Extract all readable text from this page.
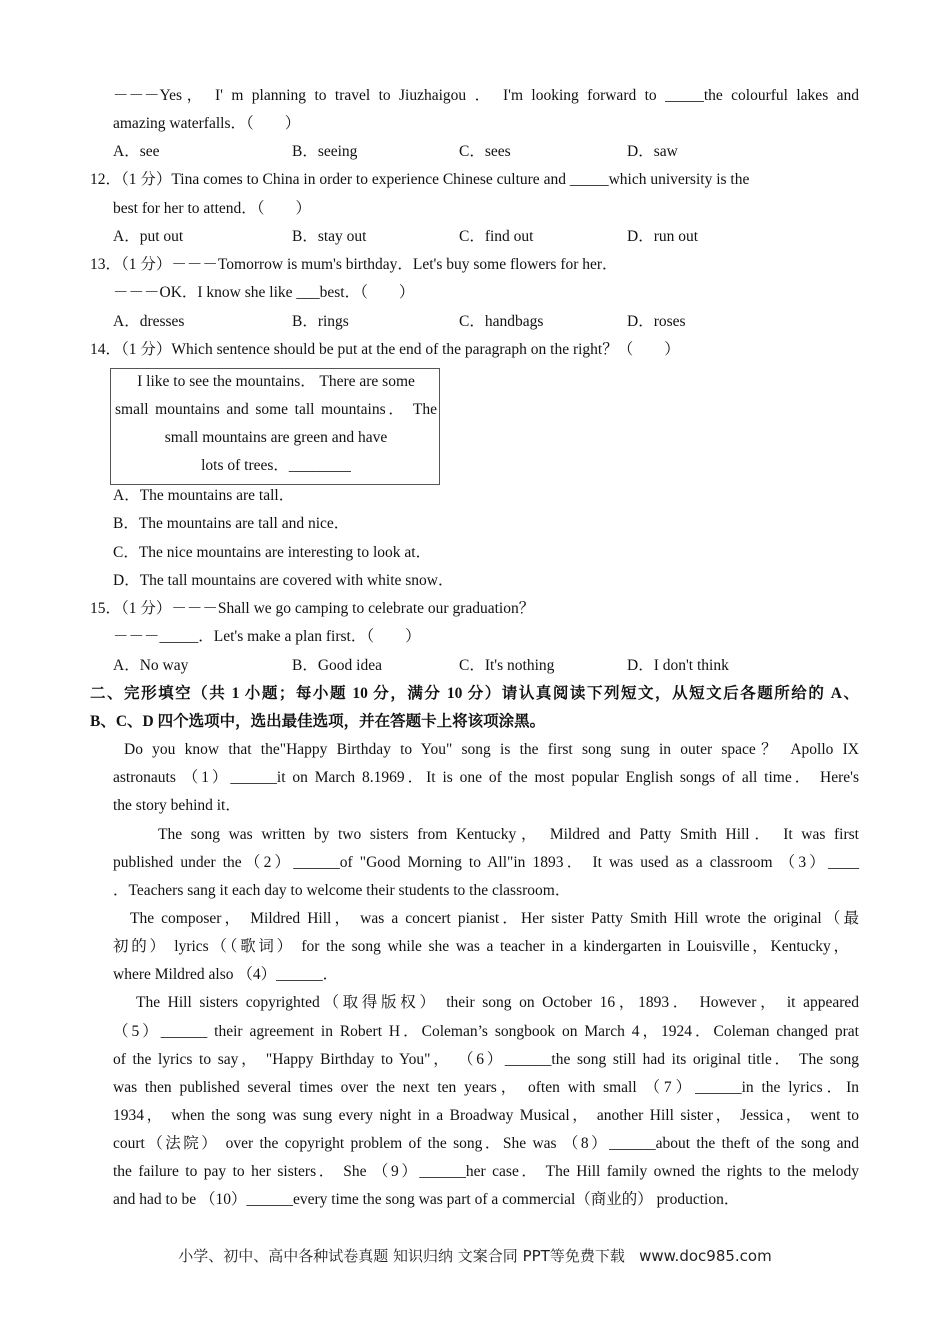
－－－Yes， I' m planning to travel to Jiuzhaigou ． I'm looking forward to _____the colourful lakes and
amazing waterfalls．（　　）
A．see	B．seeing	C．sees	D．saw
12．（1 分）Tina comes to China in order to experience Chinese culture and _____which university is the
best for her to attend．（　　）
A．put out	B．stay out	C．find out	D．run out
13．（1 分）－－－Tomorrow is mum's birthday．Let's buy some flowers for her．
－－－OK．I know she like ___best．（　　）
A．dresses	B．rings	C．handbags	D．roses
14．（1 分）Which sentence should be put at the end of the paragraph on the right？（　　）
I like to see the mountains． There are some
small mountains and some tall mountains． The
small mountains are green and have
lots of trees．________
A．The mountains are tall．
B．The mountains are tall and nice．
C．The nice mountains are interesting to look at．
D．The tall mountains are covered with white snow．
15．（1 分）－－－Shall we go camping to celebrate our graduation？
－－－_____．Let's make a plan first．（　　）
A．No way	B．Good idea	C．It's nothing	D．I don't think
二、完形填空（共 1 小题；每小题 10 分，满分 10 分）请认真阅读下列短文，从短文后各题所给的 A、
B、C、D 四个选项中，选出最佳选项，并在答题卡上将该项涂黑。
Do you know that the"Happy Birthday to You" song is the first song sung in outer space？ Apollo IX
astronauts （1）______it on March 8.1969．It is one of the most popular English songs of all time． Here's
the story behind it．
The song was written by two sisters from Kentucky， Mildred and Patty Smith Hill． It was first
published under the（2）______of "Good Morning to All"in 1893． It was used as a classroom （3）____
．Teachers sang it each day to welcome their students to the classroom．
The composer， Mildred Hill， was a concert pianist．Her sister Patty Smith Hill wrote the original（最
初的） lyrics（（歌词） for the song while she was a teacher in a kindergarten in Louisville，Kentucky，
where Mildred also （4）______．
The Hill sisters copyrighted（取得版权） their song on October 16，1893． However， it appeared
（5）______ their agreement in Robert H．Coleman’s songbook on March 4，1924．Coleman changed prat
of the lyrics to say， "Happy Birthday to You"， （6）______the song still had its original title． The song
was then published several times over the next ten years， often with small （7）______in the lyrics．In
1934， when the song was sung every night in a Broadway Musical， another Hill sister， Jessica， went to
court（法院） over the copyright problem of the song．She was （8）______about the theft of the song and
the failure to pay to her sisters． She （9）______her case． The Hill family owned the rights to the melody
and had to be （10）______every time the song was part of a commercial（商业的） production．
小学、初中、高中各种试卷真题 知识归纳 文案合同 PPT等免费下载   www.doc985.com
